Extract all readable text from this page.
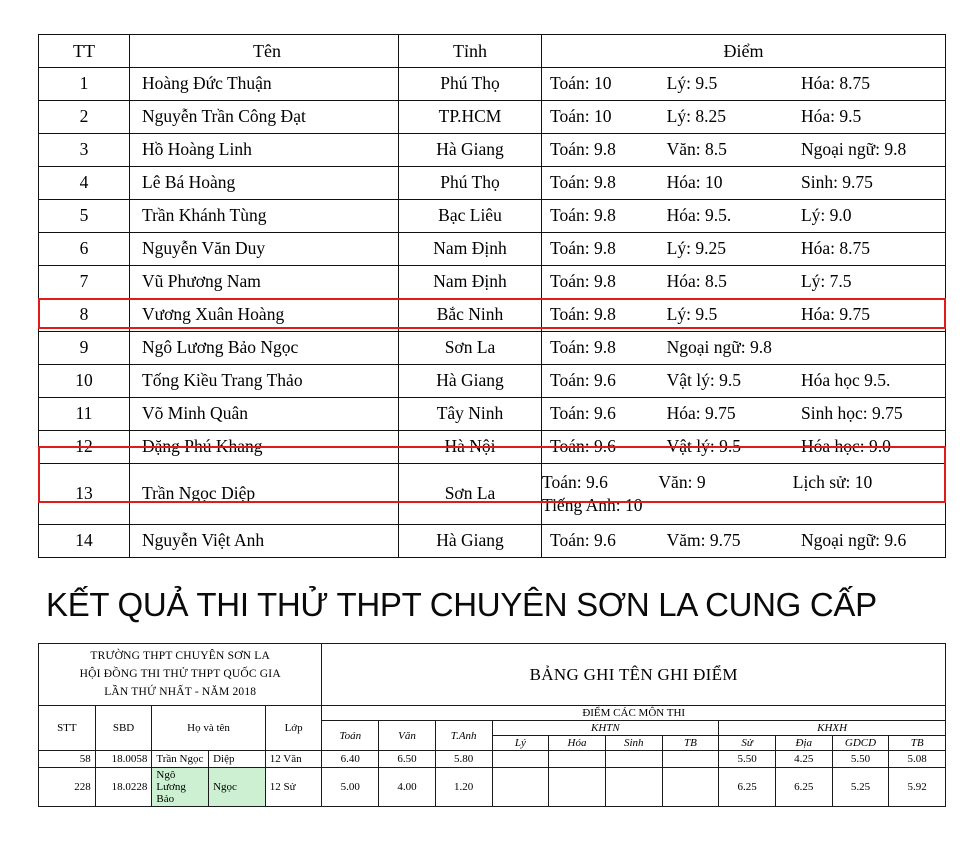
TT	Tên	Tỉnh	Điểm
1	Hoàng Đức Thuận	Phú Thọ	Toán: 10 Lý: 9.5 Hóa: 8.75

2	Nguyễn Trần Công Đạt	TP.HCM	Toán: 10 Lý: 8.25 Hóa: 9.5

3	Hồ Hoàng Linh	Hà Giang	Toán: 9.8 Văn: 8.5 Ngoại ngữ: 9.8

4	Lê Bá Hoàng	Phú Thọ	Toán: 9.8 Hóa: 10 Sinh: 9.75

5	Trần Khánh Tùng	Bạc Liêu	Toán: 9.8 Hóa: 9.5. Lý: 9.0

6	Nguyễn Văn Duy	Nam Định	Toán: 9.8 Lý: 9.25 Hóa: 8.75

7	Vũ Phương Nam	Nam Định	Toán: 9.8 Hóa: 8.5 Lý: 7.5

8	Vương Xuân Hoàng	Bắc Ninh	Toán: 9.8 Lý: 9.5 Hóa: 9.75

9	Ngô Lương Bảo Ngọc	Sơn La	Toán: 9.8 Ngoại ngữ: 9.8

10	Tống Kiều Trang Thảo	Hà Giang	Toán: 9.6 Vật lý: 9.5 Hóa học 9.5.

11	Võ Minh Quân	Tây Ninh	Toán: 9.6 Hóa: 9.75 Sinh học: 9.75

12	Đặng Phú Khang	Hà Nội	Toán: 9.6 Vật lý: 9.5 Hóa học: 9.0

13	Trần Ngọc Diệp	Sơn La	Toán: 9.6 Văn: 9 Lịch sử: 10
Tiếng Anh: 10

14	Nguyễn Việt Anh	Hà Giang	Toán: 9.6 Văm: 9.75 Ngoại ngữ: 9.6
KẾT QUẢ THI THỬ THPT CHUYÊN SƠN LA CUNG CẤP
TRƯỜNG THPT CHUYÊN SƠN LA
HỘI ĐỒNG THI THỬ THPT QUỐC GIA
LẦN THỨ NHẤT - NĂM 2018					BẢNG GHI TÊN GHI ĐIỂM										
STT	SBD	Họ và tên		Lớp	ĐIỂM CÁC MÔN THI										
					Toán	Văn	T.Anh	KHTN				KHXH			
								Lý	Hóa	Sinh	TB	Sử	Địa	GDCD	TB
58	18.0058	Trần Ngọc	Diệp	12 Văn	6.40	6.50	5.80					5.50	4.25	5.50	5.08
228	18.0228	Ngô Lương Bảo	Ngọc	12 Sử	5.00	4.00	1.20					6.25	6.25	5.25	5.92
